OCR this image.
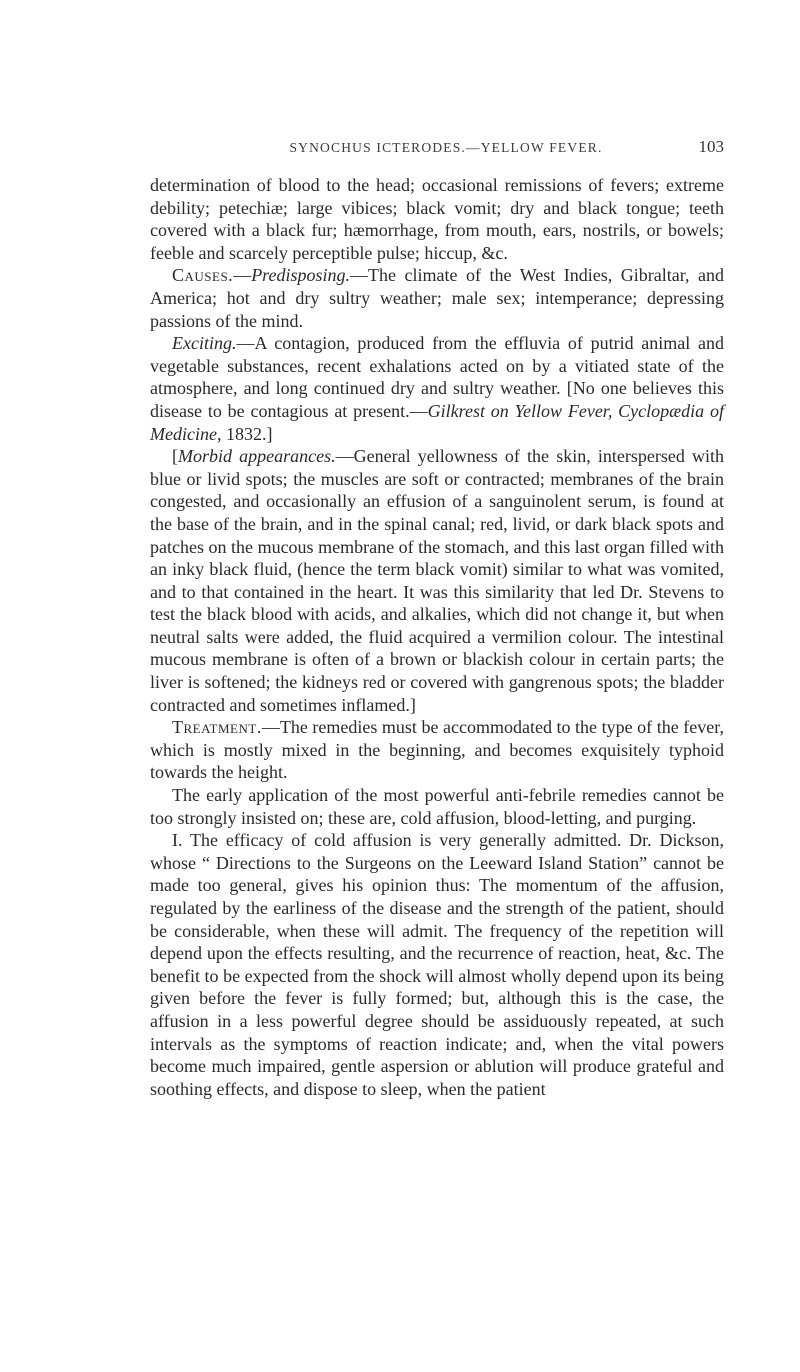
SYNOCHUS ICTERODES.—YELLOW FEVER.	103

determination of blood to the head; occasional remissions of fevers; extreme debility; petechiæ; large vibices; black vomit; dry and black tongue; teeth covered with a black fur; hæmorrhage, from mouth, ears, nostrils, or bowels; feeble and scarcely perceptible pulse; hiccup, &c.

Causes.—Predisposing.—The climate of the West Indies, Gibraltar, and America; hot and dry sultry weather; male sex; intemperance; depressing passions of the mind.

Exciting.—A contagion, produced from the effluvia of putrid animal and vegetable substances, recent exhalations acted on by a vitiated state of the atmosphere, and long continued dry and sultry weather. [No one believes this disease to be contagious at present.—Gilkrest on Yellow Fever, Cyclopædia of Medicine, 1832.]

[Morbid appearances.—General yellowness of the skin, interspersed with blue or livid spots; the muscles are soft or contracted; membranes of the brain congested, and occasionally an effusion of a sanguinolent serum, is found at the base of the brain, and in the spinal canal; red, livid, or dark black spots and patches on the mucous membrane of the stomach, and this last organ filled with an inky black fluid, (hence the term black vomit) similar to what was vomited, and to that contained in the heart. It was this similarity that led Dr. Stevens to test the black blood with acids, and alkalies, which did not change it, but when neutral salts were added, the fluid acquired a vermilion colour. The intestinal mucous membrane is often of a brown or blackish colour in certain parts; the liver is softened; the kidneys red or covered with gangrenous spots; the bladder contracted and sometimes inflamed.]

Treatment.—The remedies must be accommodated to the type of the fever, which is mostly mixed in the beginning, and becomes exquisitely typhoid towards the height.

The early application of the most powerful anti-febrile remedies cannot be too strongly insisted on; these are, cold affusion, blood-letting, and purging.

I. The efficacy of cold affusion is very generally admitted. Dr. Dickson, whose “ Directions to the Surgeons on the Leeward Island Station” cannot be made too general, gives his opinion thus: The momentum of the affusion, regulated by the earliness of the disease and the strength of the patient, should be considerable, when these will admit. The frequency of the repetition will depend upon the effects resulting, and the recurrence of reaction, heat, &c. The benefit to be expected from the shock will almost wholly depend upon its being given before the fever is fully formed; but, although this is the case, the affusion in a less powerful degree should be assiduously repeated, at such intervals as the symptoms of reaction indicate; and, when the vital powers become much impaired, gentle aspersion or ablution will produce grateful and soothing effects, and dispose to sleep, when the patient
